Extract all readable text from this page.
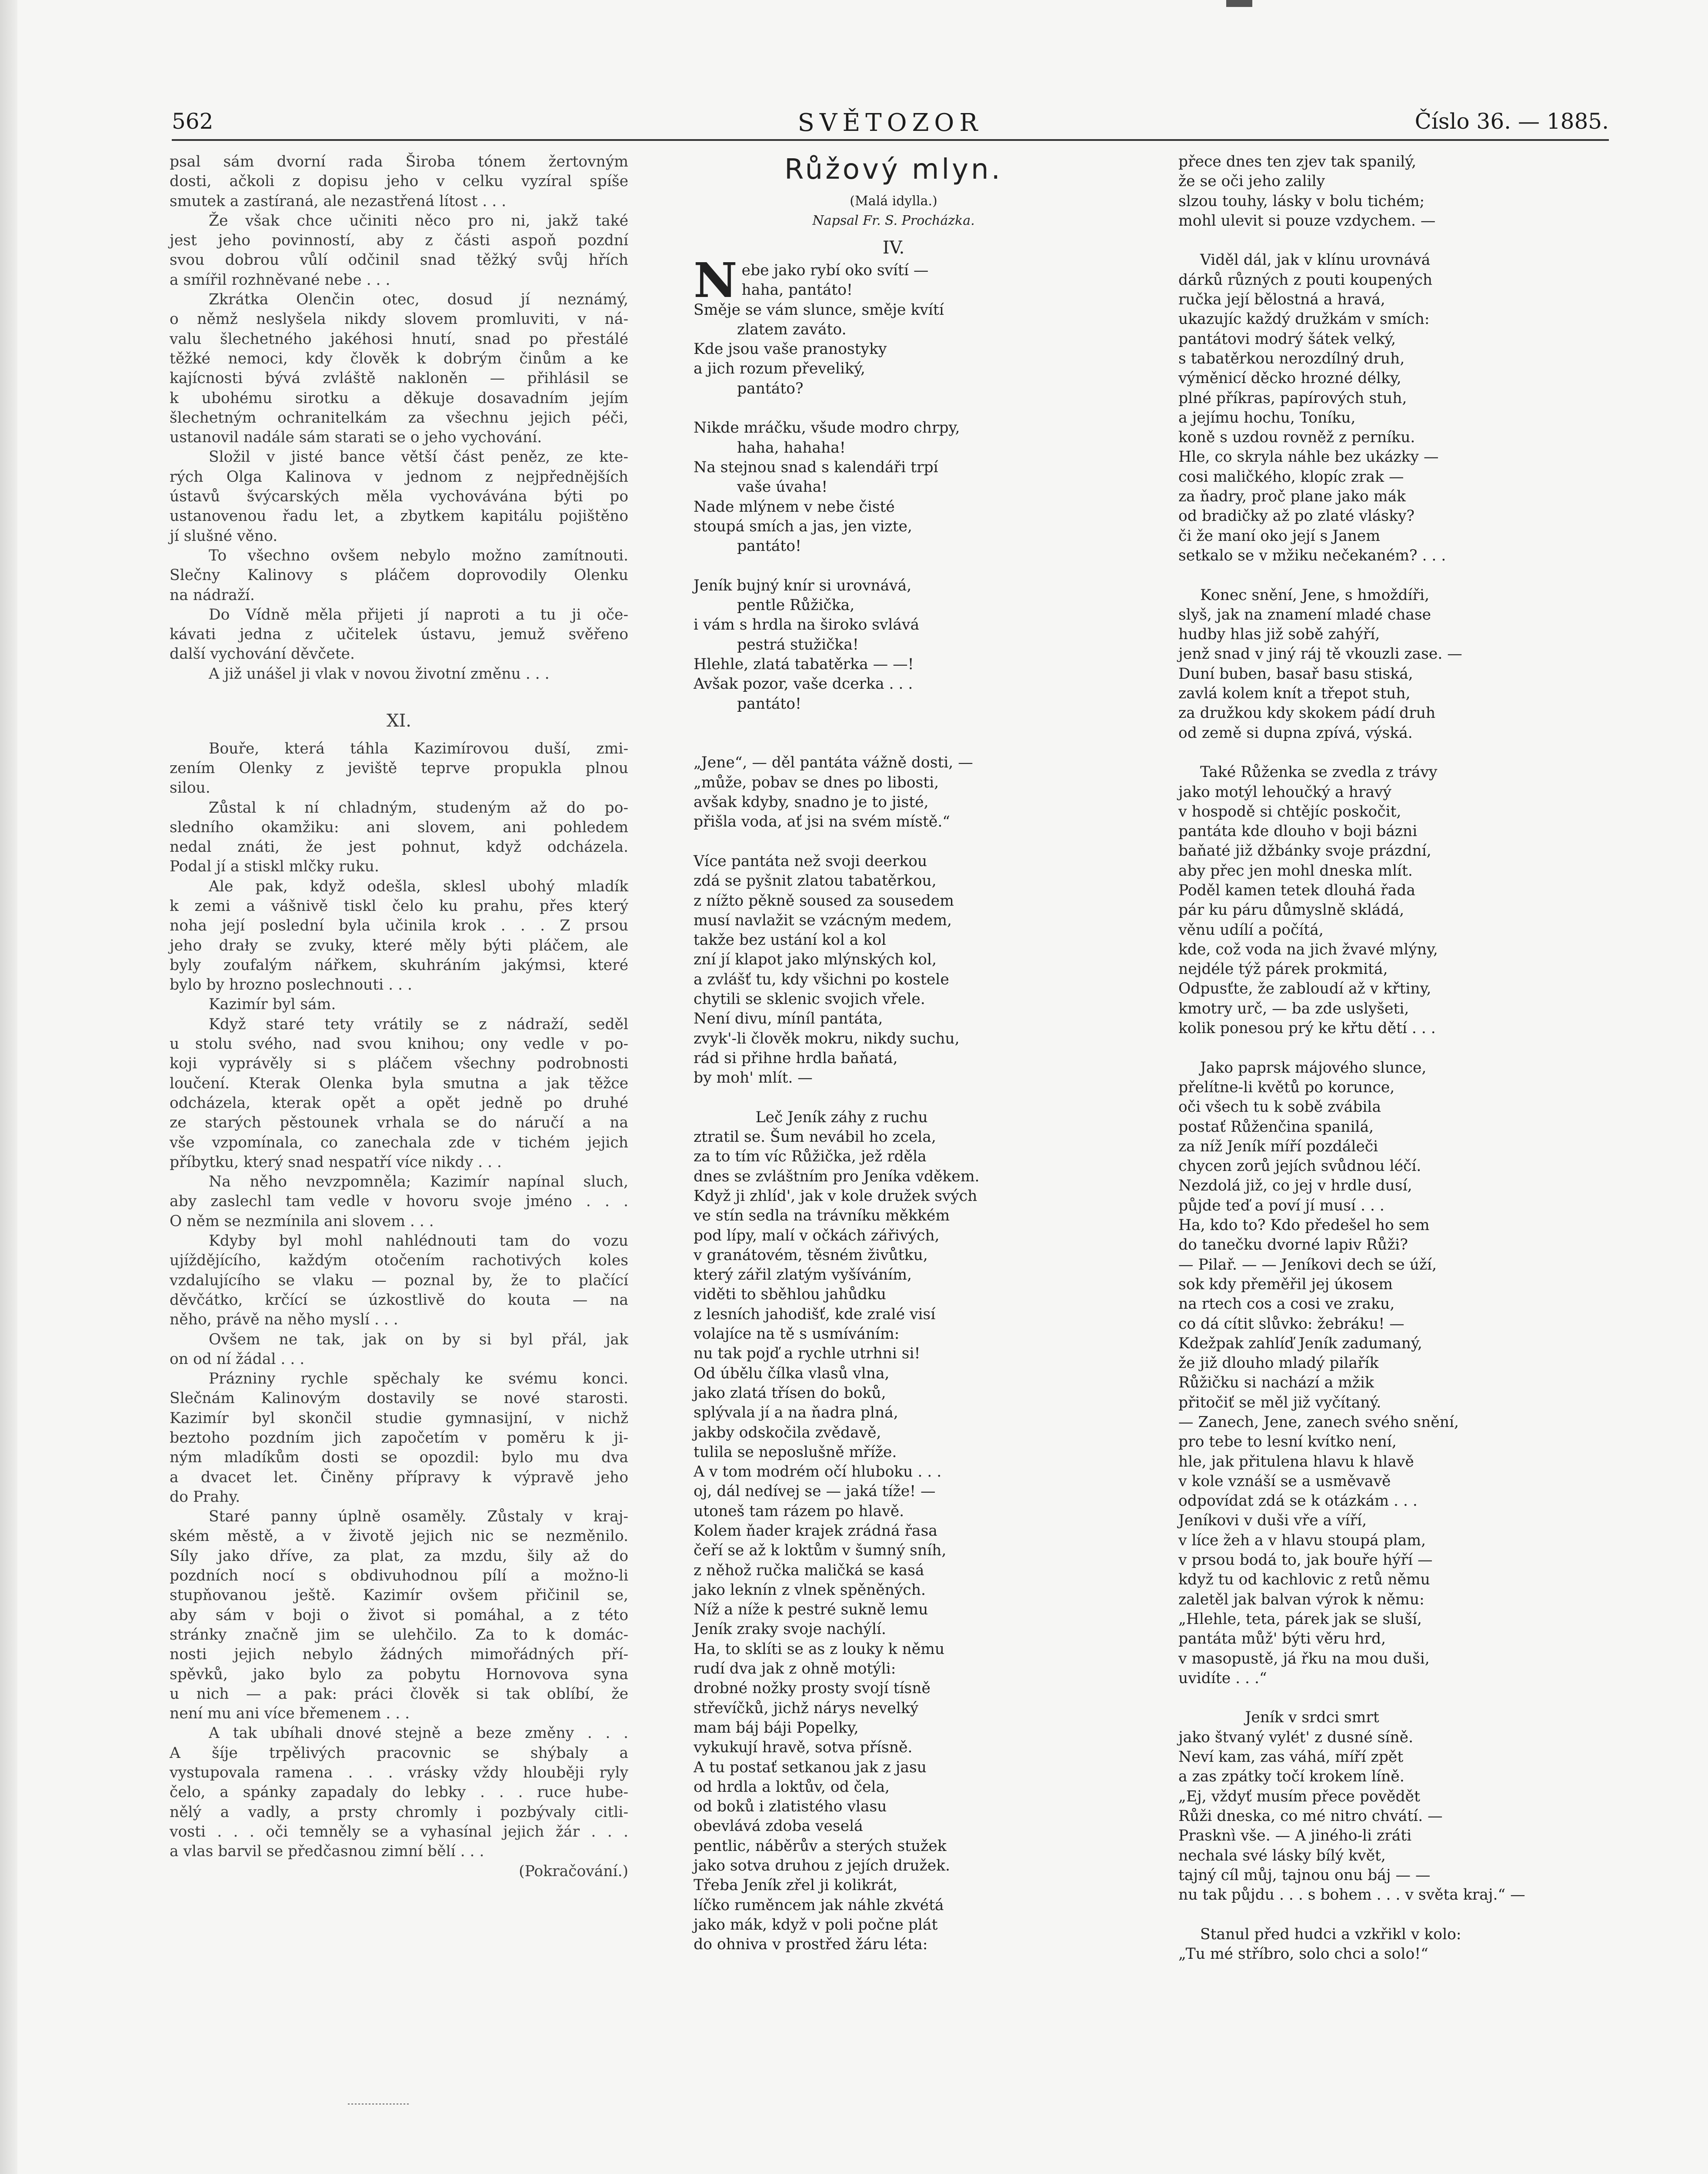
562	SVĚTOZOR	Číslo 36. — 1885.
psal sám dvorní rada Široba tónem žertovným
dosti, ačkoli z dopisu jeho v celku vyzíral spíše
smutek a zastíraná, ale nezastřená lítost . . .
Že však chce učiniti něco pro ni, jakž také
jest jeho povinností, aby z části aspoň pozdní
svou dobrou vůlí odčinil snad těžký svůj hřích
a smířil rozhněvané nebe . . .
Zkrátka Olenčin otec, dosud jí neznámý,
o němž neslyšela nikdy slovem promluviti, v ná-
valu šlechetného jakéhosi hnutí, snad po přestálé
těžké nemoci, kdy člověk k dobrým činům a ke
kajícnosti bývá zvláště nakloněn — přihlásil se
k ubohému sirotku a děkuje dosavadním jejím
šlechetným ochranitelkám za všechnu jejich péči,
ustanovil nadále sám starati se o jeho vychování.
Složil v jisté bance větší část peněz, ze kte-
rých Olga Kalinova v jednom z nejpřednějších
ústavů švýcarských měla vychovávána býti po
ustanovenou řadu let, a zbytkem kapitálu pojištěno
jí slušné věno.
To všechno ovšem nebylo možno zamítnouti.
Slečny Kalinovy s pláčem doprovodily Olenku
na nádraží.
Do Vídně měla přijeti jí naproti a tu ji oče-
kávati jedna z učitelek ústavu, jemuž svěřeno
další vychování děvčete.
A již unášel ji vlak v novou životní změnu . . .
XI.
Bouře, která táhla Kazimírovou duší, zmi-
zením Olenky z jeviště teprve propukla plnou
silou.
Zůstal k ní chladným, studeným až do po-
sledního okamžiku: ani slovem, ani pohledem
nedal znáti, že jest pohnut, když odcházela.
Podal jí a stiskl mlčky ruku.
Ale pak, když odešla, sklesl ubohý mladík
k zemi a vášnivě tiskl čelo ku prahu, přes který
noha její poslední byla učinila krok . . . Z prsou
jeho drały se zvuky, které měly býti pláčem, ale
byly zoufalým nářkem, skuhráním jakýmsi, které
bylo by hrozno poslechnouti . . .
Kazimír byl sám.
Když staré tety vrátily se z nádraží, seděl
u stolu svého, nad svou knihou; ony vedle v po-
koji vyprávěly si s pláčem všechny podrobnosti
loučení. Kterak Olenka byla smutna a jak těžce
odcházela, kterak opět a opět jedně po druhé
ze starých pěstounek vrhala se do náručí a na
vše vzpomínala, co zanechala zde v tichém jejich
příbytku, který snad nespatří více nikdy . . .
Na něho nevzpomněla; Kazimír napínal sluch,
aby zaslechl tam vedle v hovoru svoje jméno . . .
O něm se nezmínila ani slovem . . .
Kdyby byl mohl nahlédnouti tam do vozu
ujíždějícího, každým otočením rachotivých koles
vzdalujícího se vlaku — poznal by, že to plačící
děvčátko, krčící se úzkostlivě do kouta — na
něho, právě na něho myslí . . .
Ovšem ne tak, jak on by si byl přál, jak
on od ní žádal . . .
Prázniny rychle spěchaly ke svému konci.
Slečnám Kalinovým dostavily se nové starosti.
Kazimír byl skončil studie gymnasijní, v nichž
beztoho pozdním jich započetím v poměru k ji-
ným mladíkům dosti se opozdil: bylo mu dva
a dvacet let. Činěny přípravy k výpravě jeho
do Prahy.
Staré panny úplně osaměly. Zůstaly v kraj-
ském městě, a v životě jejich nic se nezměnilo.
Síly jako dříve, za plat, za mzdu, šily až do
pozdních nocí s obdivuhodnou pílí a možno-li
stupňovanou ještě. Kazimír ovšem přičinil se,
aby sám v boji o život si pomáhal, a z této
stránky značně jim se ulehčilo. Za to k domác-
nosti jejich nebylo žádných mimořádných pří-
spěvků, jako bylo za pobytu Hornovova syna
u nich — a pak: práci člověk si tak oblíbí, že
není mu ani více břemenem . . .
A tak ubíhali dnové stejně a beze změny . . .
A šíje trpělivých pracovnic se shýbaly a
vystupovala ramena . . . vrásky vždy hlouběji ryly
čelo, a spánky zapadaly do lebky . . . ruce hube-
nělý a vadly, a prsty chromly i pozbývaly citli-
vosti . . . oči temněly se a vyhasínal jejich žár . . .
a vlas barvil se předčasnou zimní bělí . . .
(Pokračování.)
Růžový mlyn.
(Malá idylla.)
Napsal Fr. S. Procházka.
IV.
Nebe jako rybí oko svítí —
haha, pantáto!
Směje se vám slunce, směje kvítí
zlatem zaváto.
Kde jsou vaše pranostyky
a jich rozum převeliký,
pantáto?
Nikde mráčku, všude modro chrpy,
haha, hahaha!
Na stejnou snad s kalendáři trpí
vaše úvaha!
Nade mlýnem v nebe čisté
stoupá smích a jas, jen vizte,
pantáto!
Jeník bujný knír si urovnává,
pentle Růžička,
i vám s hrdla na široko svlává
pestrá stužička!
Hlehle, zlatá tabatěrka — —!
Avšak pozor, vaše dcerka . . .
pantáto!
„Jene“, — děl pantáta vážně dosti, —
„může, pobav se dnes po libosti,
avšak kdyby, snadno je to jisté,
přišla voda, ať jsi na svém místě.“
Více pantáta než svoji deerkou
zdá se pyšnit zlatou tabatěrkou,
z nížto pěkně soused za sousedem
musí navlažit se vzácným medem,
takže bez ustání kol a kol
zní jí klapot jako mlýnských kol,
a zvlášť tu, kdy všichni po kostele
chytili se sklenic svojich vřele.
Není divu, míníl pantáta,
zvyk'-li člověk mokru, nikdy suchu,
rád si přihne hrdla baňatá,
by moh' mlít. —
Leč Jeník záhy z ruchu
ztratil se. Šum nevábil ho zcela,
za to tím víc Růžička, jež rděla
dnes se zvláštním pro Jeníka vděkem.
Když ji zhlíd', jak v kole družek svých
ve stín sedla na trávníku měkkém
pod lípy, malí v očkách zářivých,
v granátovém, těsném živůtku,
který zářil zlatým vyšíváním,
viděti to sběhlou jahůdku
z lesních jahodišť, kde zralé visí
volajíce na tě s usmíváním:
nu tak pojď a rychle utrhni si!
Od úbělu čílka vlasů vlna,
jako zlatá třísen do boků,
splývala jí a na ňadra plná,
jakby odskočila zvědavě,
tulila se neposlušně mříže.
A v tom modrém očí hluboku . . .
oj, dál nedívej se — jaká tíže! —
utoneš tam rázem po hlavě.
Kolem ňader krajek zrádná řasa
čeří se až k loktům v šumný sníh,
z něhož ručka maličká se kasá
jako leknín z vlnek spěněných.
Níž a níže k pestré sukně lemu
Jeník zraky svoje nachýlí.
Ha, to sklíti se as z louky k němu
rudí dva jak z ohně motýli:
drobné nožky prosty svojí tísně
střevíčků, jichž nárys nevelký
mam báj báji Popelky,
vykukují hravě, sotva přísně.
A tu postať setkanou jak z jasu
od hrdla a loktův, od čela,
od boků i zlatistého vlasu
obevlává zdoba veselá
pentlic, náběrův a sterých stužek
jako sotva druhou z jejích družek.
Třeba Jeník zřel ji kolikrát,
líčko ruměncem jak náhle zkvétá
jako mák, když v poli počne plát
do ohniva v prostřed žáru léta:
přece dnes ten zjev tak spanilý,
že se oči jeho zalily
slzou touhy, lásky v bolu tichém;
mohl ulevit si pouze vzdychem. —
Viděl dál, jak v klínu urovnává
dárků různých z pouti koupených
ručka její bělostná a hravá,
ukazujíc každý družkám v smích:
pantátovi modrý šátek velký,
s tabatěrkou nerozdílný druh,
výměnicí děcko hrozné délky,
plné příkras, papírových stuh,
a jejímu hochu, Toníku,
koně s uzdou rovněž z perníku.
Hle, co skryla náhle bez ukázky —
cosi maličkého, klopíc zrak —
za ňadry, proč plane jako mák
od bradičky až po zlaté vlásky?
či že maní oko její s Janem
setkalo se v mžiku nečekaném? . . .
Konec snění, Jene, s hmoždíři,
slyš, jak na znamení mladé chase
hudby hlas již sobě zahýří,
jenž snad v jiný ráj tě vkouzli zase. —
Duní buben, basař basu stiská,
zavlá kolem knít a třepot stuh,
za družkou kdy skokem pádí druh
od země si dupna zpívá, výská.
Také Růženka se zvedla z trávy
jako motýl lehoučký a hravý
v hospodě si chtějíc poskočit,
pantáta kde dlouho v boji bázni
baňaté již džbánky svoje prázdní,
aby přec jen mohl dneska mlít.
Poděl kamen tetek dlouhá řada
pár ku páru důmyslně skládá,
věnu udílí a počítá,
kde, což voda na jich žvavé mlýny,
nejdéle týž párek prokmitá,
Odpusťte, že zabloudí až v křtiny,
kmotry urč, — ba zde uslyšeti,
kolik ponesou prý ke křtu dětí . . .
Jako paprsk májového slunce,
přelítne-li květů po korunce,
oči všech tu k sobě zvábila
postať Růženčina spanilá,
za níž Jeník míří pozdáleči
chycen zorů jejích svůdnou léčí.
Nezdolá již, co jej v hrdle dusí,
půjde teď a poví jí musí . . .
Ha, kdo to? Kdo předešel ho sem
do tanečku dvorné lapiv Růži?
— Pilař. — — Jeníkovi dech se úží,
sok kdy přeměřil jej úkosem
na rtech cos a cosi ve zraku,
co dá cítit slůvko: žebráku! —
Kdežpak zahlíď Jeník zadumaný,
že již dlouho mladý pilařík
Růžičku si nachází a mžik
přitočiť se měl již vyčítaný.
— Zanech, Jene, zanech svého snění,
pro tebe to lesní kvítko není,
hle, jak přitulena hlavu k hlavě
v kole vznáší se a usměvavě
odpovídat zdá se k otázkám . . .
Jeníkovi v duši vře a víří,
v líce žeh a v hlavu stoupá plam,
v prsou bodá to, jak bouře hýří —
když tu od kachlovic z retů němu
zaletěl jak balvan výrok k němu:
„Hlehle, teta, párek jak se sluší,
pantáta můž' býti věru hrd,
v masopustě, já řku na mou duši,
uvidíte . . .“
Jeník v srdci smrt
jako štvaný vylét' z dusné síně.
Neví kam, zas váhá, míří zpět
a zas zpátky točí krokem líně.
„Ej, vždyť musím přece povědět
Růži dneska, co mé nitro chvátí. —
Prasknì vše. — A jiného-li zráti
nechala své lásky bílý květ,
tajný cíl můj, tajnou onu báj — —
nu tak půjdu . . . s bohem . . . v světa kraj.“ —
Stanul před hudci a vzkřikl v kolo:
„Tu mé stříbro, solo chci a solo!“
